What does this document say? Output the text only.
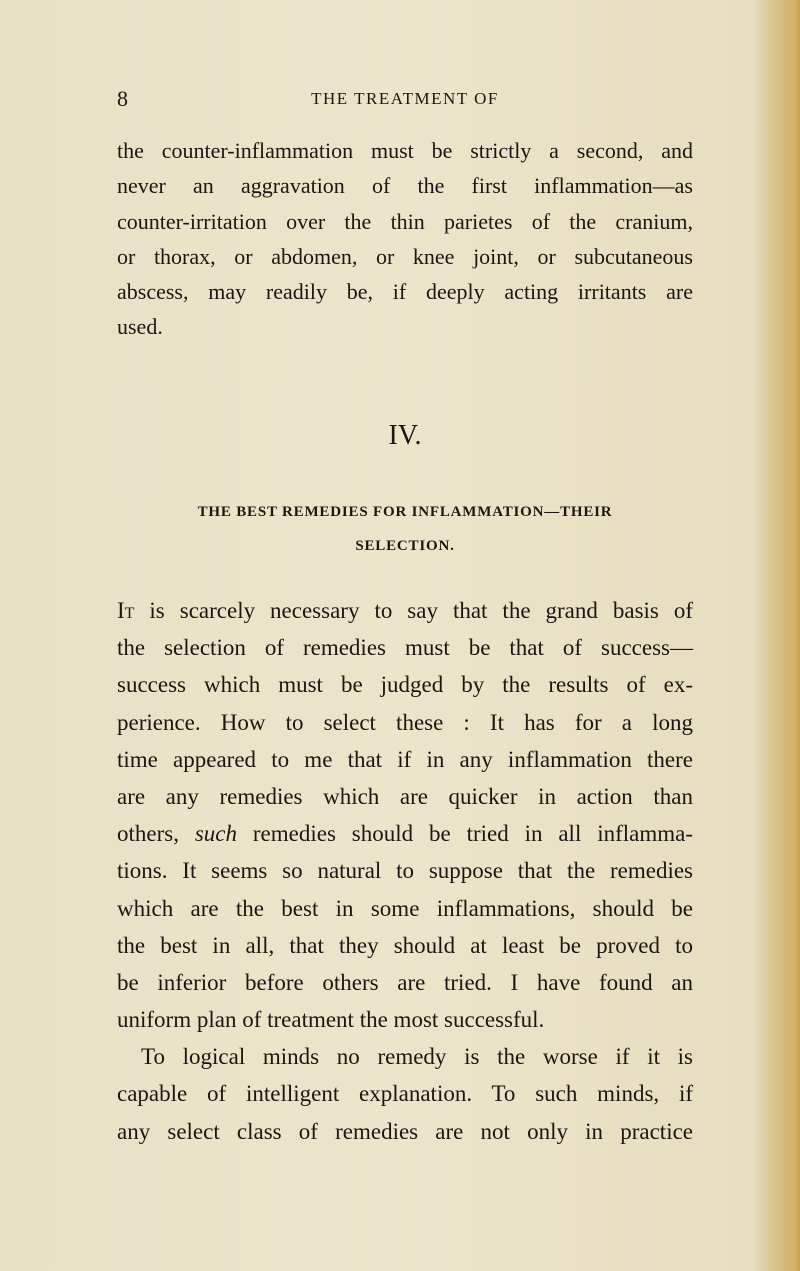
8	THE TREATMENT OF
the counter-inflammation must be strictly a second, and
never an aggravation of the first inflammation—as
counter-irritation over the thin parietes of the cranium,
or thorax, or abdomen, or knee joint, or subcutaneous
abscess, may readily be, if deeply acting irritants are
used.
IV.
THE BEST REMEDIES FOR INFLAMMATION—THEIR
SELECTION.
It is scarcely necessary to say that the grand basis of
the selection of remedies must be that of success—
success which must be judged by the results of ex-
perience. How to select these : It has for a long
time appeared to me that if in any inflammation there
are any remedies which are quicker in action than
others, such remedies should be tried in all inflamma-
tions. It seems so natural to suppose that the remedies
which are the best in some inflammations, should be
the best in all, that they should at least be proved to
be inferior before others are tried. I have found an
uniform plan of treatment the most successful.
To logical minds no remedy is the worse if it is
capable of intelligent explanation. To such minds, if
any select class of remedies are not only in practice
